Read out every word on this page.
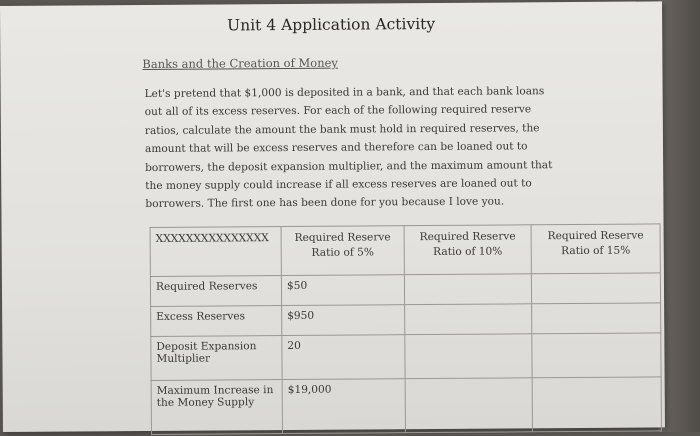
Unit 4 Application Activity
Banks and the Creation of Money
Let's pretend that $1,000 is deposited in a bank, and that each bank loans out all of its excess reserves. For each of the following required reserve ratios, calculate the amount the bank must hold in required reserves, the amount that will be excess reserves and therefore can be loaned out to borrowers, the deposit expansion multiplier, and the maximum amount that the money supply could increase if all excess reserves are loaned out to borrowers. The first one has been done for you because I love you.
XXXXXXXXXXXXXXX	Required Reserve Ratio of 5%	Required Reserve Ratio of 10%	Required Reserve Ratio of 15%
Required Reserves	$50		
Excess Reserves	$950		
Deposit Expansion Multiplier	20		
Maximum Increase in the Money Supply	$19,000		
